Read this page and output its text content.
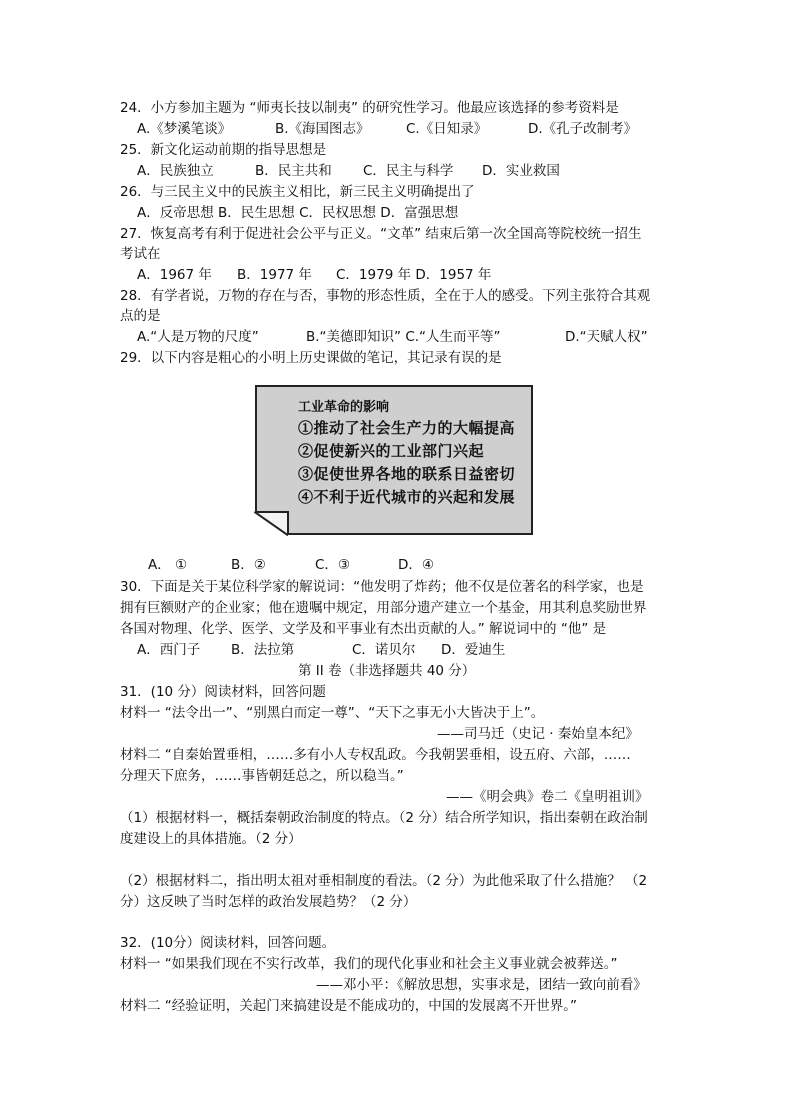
24．小方参加主题为 “师夷长技以制夷” 的研究性学习。他最应该选择的参考资料是
A.《梦溪笔谈》	B.《海国图志》	C.《日知录》	D.《孔子改制考》
25．新文化运动前期的指导思想是
A．民族独立	B．民主共和 C．民主与科学 D．实业救国
26．与三民主义中的民族主义相比，新三民主义明确提出了
A．反帝思想 B．民生思想 C．民权思想 D．富强思想
27．恢复高考有利于促进社会公平与正义。“文革” 结束后第一次全国高等院校统一招生
考试在
A．1967 年 B．1977 年 C．1979 年 D．1957 年
28．有学者说，万物的存在与否，事物的形态性质，全在于人的感受。下列主张符合其观
点的是
A.“人是万物的尺度”	B.“美德即知识” C.“人生而平等”	D.“天赋人权”
29．以下内容是粗心的小明上历史课做的笔记，其记录有误的是
工业革命的影响
①推动了社会生产力的大幅提高
②促使新兴的工业部门兴起
③促使世界各地的联系日益密切
④不利于近代城市的兴起和发展
A． ①	B．②	C．③	D．④
30．下面是关于某位科学家的解说词：“他发明了炸药；他不仅是位著名的科学家，也是
拥有巨额财产的企业家；他在遗嘱中规定，用部分遗产建立一个基金，用其利息奖励世界
各国对物理、化学、医学、文学及和平事业有杰出贡献的人。” 解说词中的 “他” 是
A．西门子 B．法拉第	C．诺贝尔 D．爱迪生
第 II 卷（非选择题共 40 分）
31．(10 分）阅读材料，回答问题
材料一 “法令出一”、“别黑白而定一尊”、“天下之事无小大皆决于上”。
——司马迁（史记 · 秦始皇本纪》
材料二 “自秦始置垂相，……多有小人专权乱政。今我朝罢垂相，设五府、六部，……
分理天下庶务，……事皆朝廷总之，所以稳当。”
——《明会典》卷二《皇明祖训》
（1）根据材料一，概括秦朝政治制度的特点。（2 分）结合所学知识，指出秦朝在政治制
度建设上的具体措施。（2 分）
（2）根据材料二，指出明太祖对垂相制度的看法。（2 分）为此他采取了什么措施？ （2
分）这反映了当时怎样的政治发展趋势？（2 分）
32．(10分）阅读材料，回答问题。
材料一 “如果我们现在不实行改革，我们的现代化事业和社会主义事业就会被葬送。”
——邓小平：《解放思想，实事求是，团结一致向前看》
材料二 “经验证明，关起门来搞建设是不能成功的，中国的发展离不开世界。”
